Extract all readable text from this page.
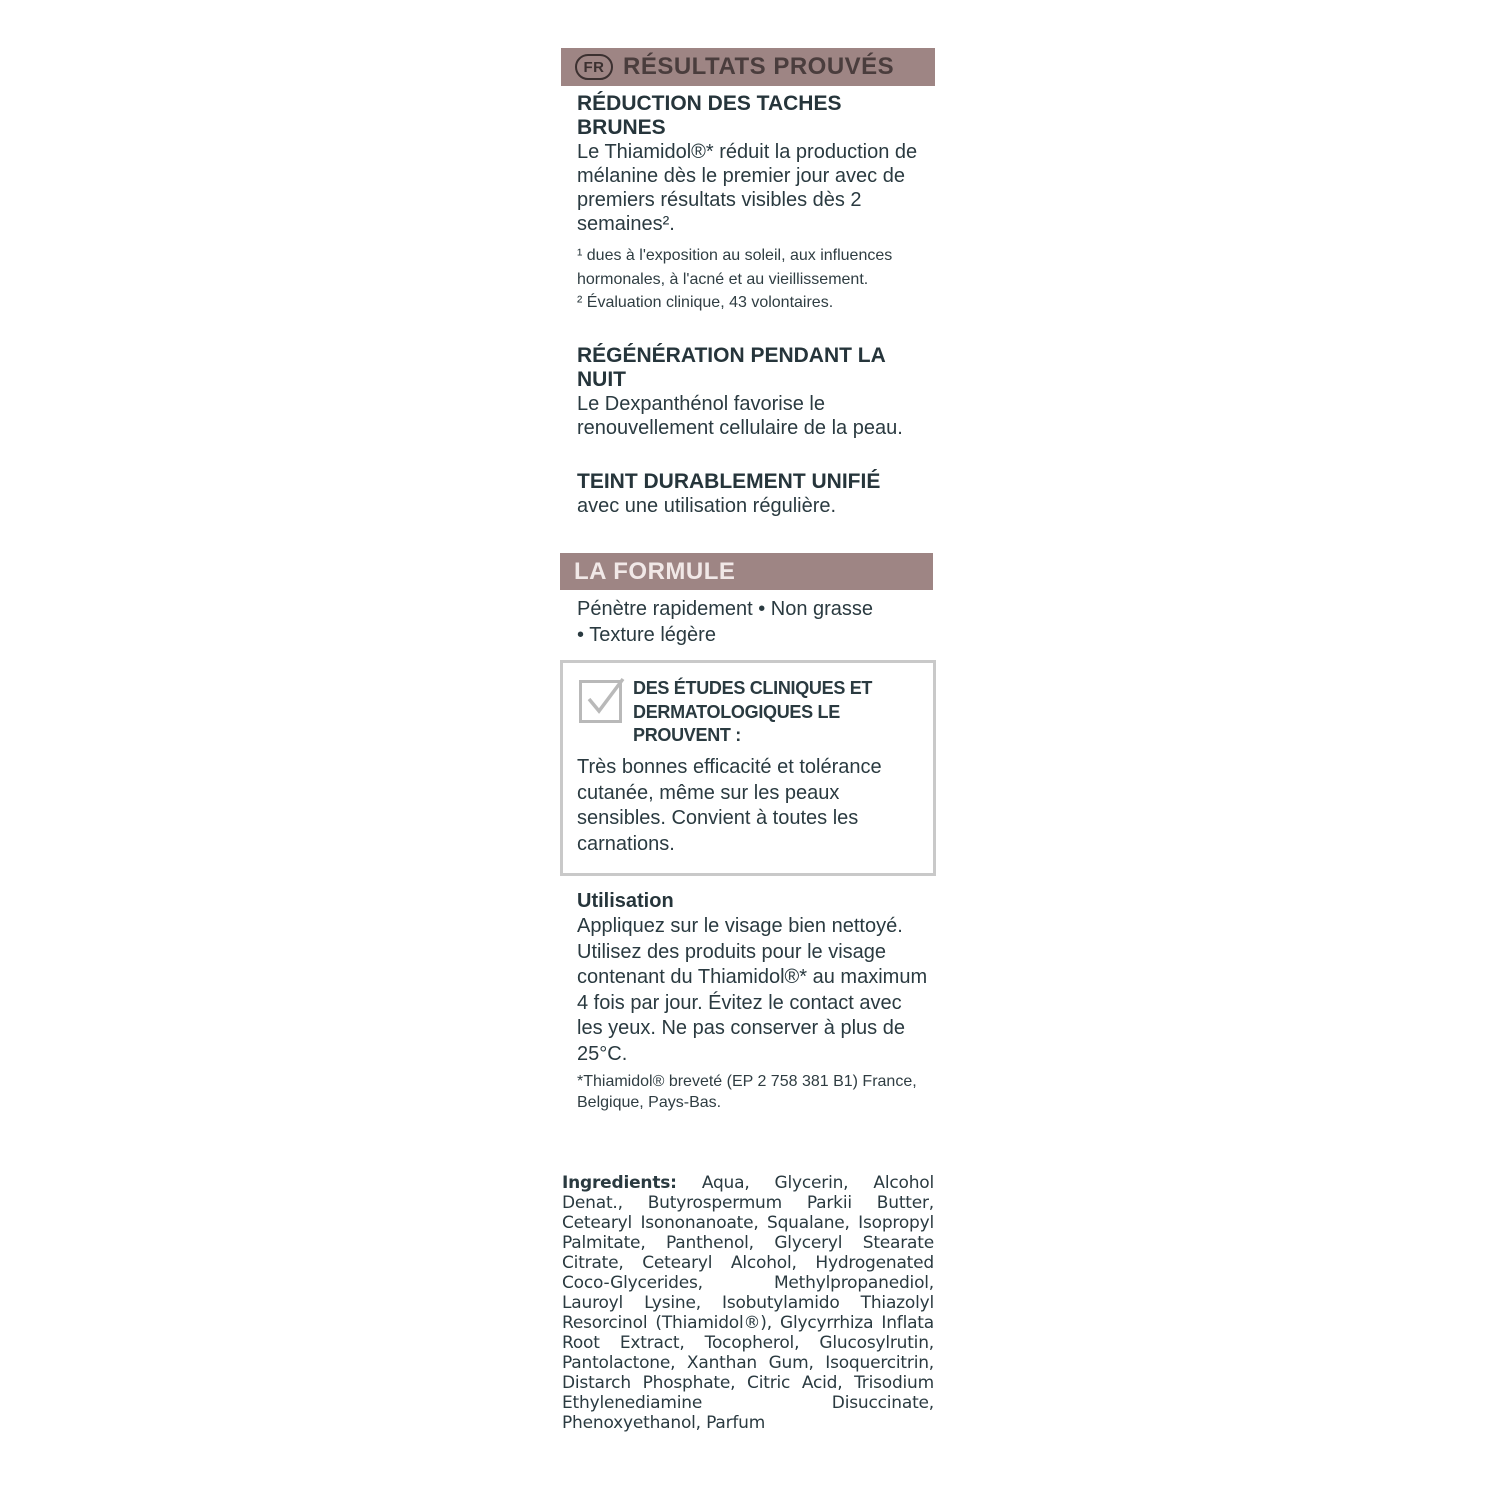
FR RÉSULTATS PROUVÉS

RÉDUCTION DES TACHES BRUNES

Le Thiamidol®* réduit la production de mélanine dès le premier jour avec de premiers résultats visibles dès 2 semaines².

¹ dues à l'exposition au soleil, aux influences hormonales, à l'acné et au vieillissement.

² Évaluation clinique, 43 volontaires.

RÉGÉNÉRATION PENDANT LA NUIT

Le Dexpanthénol favorise le renouvellement cellulaire de la peau.

TEINT DURABLEMENT UNIFIÉ

avec une utilisation régulière.

LA FORMULE

Pénètre rapidement • Non grasse • Texture légère

DES ÉTUDES CLINIQUES ET DERMATOLOGIQUES LE PROUVENT :
Très bonnes efficacité et tolérance cutanée, même sur les peaux sensibles. Convient à toutes les carnations.

Utilisation

Appliquez sur le visage bien nettoyé. Utilisez des produits pour le visage contenant du Thiamidol®* au maximum 4 fois par jour. Évitez le contact avec les yeux. Ne pas conserver à plus de 25°C.

*Thiamidol® breveté (EP 2 758 381 B1) France, Belgique, Pays-Bas.

Ingredients: Aqua, Glycerin, Alcohol Denat., Butyrospermum Parkii Butter, Cetearyl Isononanoate, Squalane, Isopropyl Palmitate, Panthenol, Glyceryl Stearate Citrate, Cetearyl Alcohol, Hydrogenated Coco-Glycerides, Methylpropanediol, Lauroyl Lysine, Isobutylamido Thiazolyl Resorcinol (Thiamidol®), Glycyrrhiza Inflata Root Extract, Tocopherol, Glucosylrutin, Pantolactone, Xanthan Gum, Isoquercitrin, Distarch Phosphate, Citric Acid, Trisodium Ethylenediamine Disuccinate, Phenoxyethanol, Parfum
